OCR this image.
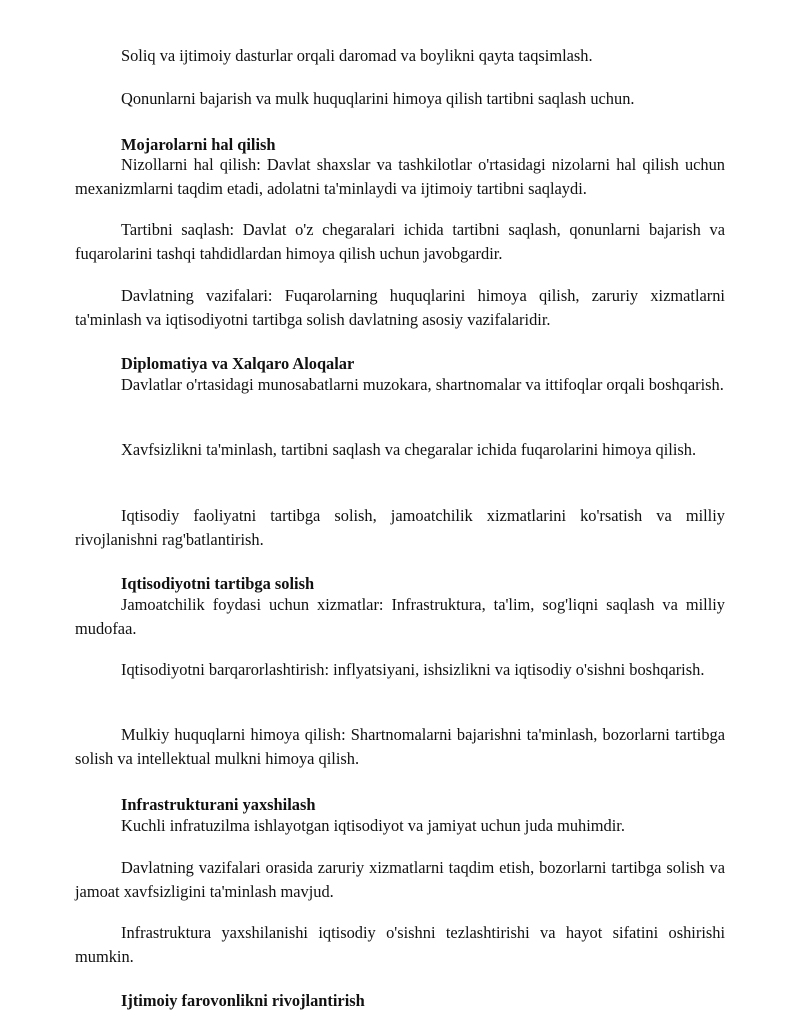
Soliq va ijtimoiy dasturlar orqali daromad va boylikni qayta taqsimlash.

Qonunlarni bajarish va mulk huquqlarini himoya qilish tartibni saqlash uchun.

Mojarolarni hal qilish

Nizollarni hal qilish: Davlat shaxslar va tashkilotlar o'rtasidagi nizolarni hal qilish uchun mexanizmlarni taqdim etadi, adolatni ta'minlaydi va ijtimoiy tartibni saqlaydi.

Tartibni saqlash: Davlat o'z chegaralari ichida tartibni saqlash, qonunlarni bajarish va fuqarolarini tashqi tahdidlardan himoya qilish uchun javobgardir.

Davlatning vazifalari: Fuqarolarning huquqlarini himoya qilish, zaruriy xizmatlarni ta'minlash va iqtisodiyotni tartibga solish davlatning asosiy vazifalaridir.

Diplomatiya va Xalqaro Aloqalar

Davlatlar o'rtasidagi munosabatlarni muzokara, shartnomalar va ittifoqlar orqali boshqarish.

Xavfsizlikni ta'minlash, tartibni saqlash va chegaralar ichida fuqarolarini himoya qilish.

Iqtisodiy faoliyatni tartibga solish, jamoatchilik xizmatlarini ko'rsatish va milliy rivojlanishni rag'batlantirish.

Iqtisodiyotni tartibga solish

Jamoatchilik foydasi uchun xizmatlar: Infrastruktura, ta'lim, sog'liqni saqlash va milliy mudofaa.

Iqtisodiyotni barqarorlashtirish: inflyatsiyani, ishsizlikni va iqtisodiy o'sishni boshqarish.

Mulkiy huquqlarni himoya qilish: Shartnomalarni bajarishni ta'minlash, bozorlarni tartibga solish va intellektual mulkni himoya qilish.

Infrastrukturani yaxshilash

Kuchli infratuzilma ishlayotgan iqtisodiyot va jamiyat uchun juda muhimdir.

Davlatning vazifalari orasida zaruriy xizmatlarni taqdim etish, bozorlarni tartibga solish va jamoat xavfsizligini ta'minlash mavjud.

Infrastruktura yaxshilanishi iqtisodiy o'sishni tezlashtirishi va hayot sifatini oshirishi mumkin.

Ijtimoiy farovonlikni rivojlantirish
